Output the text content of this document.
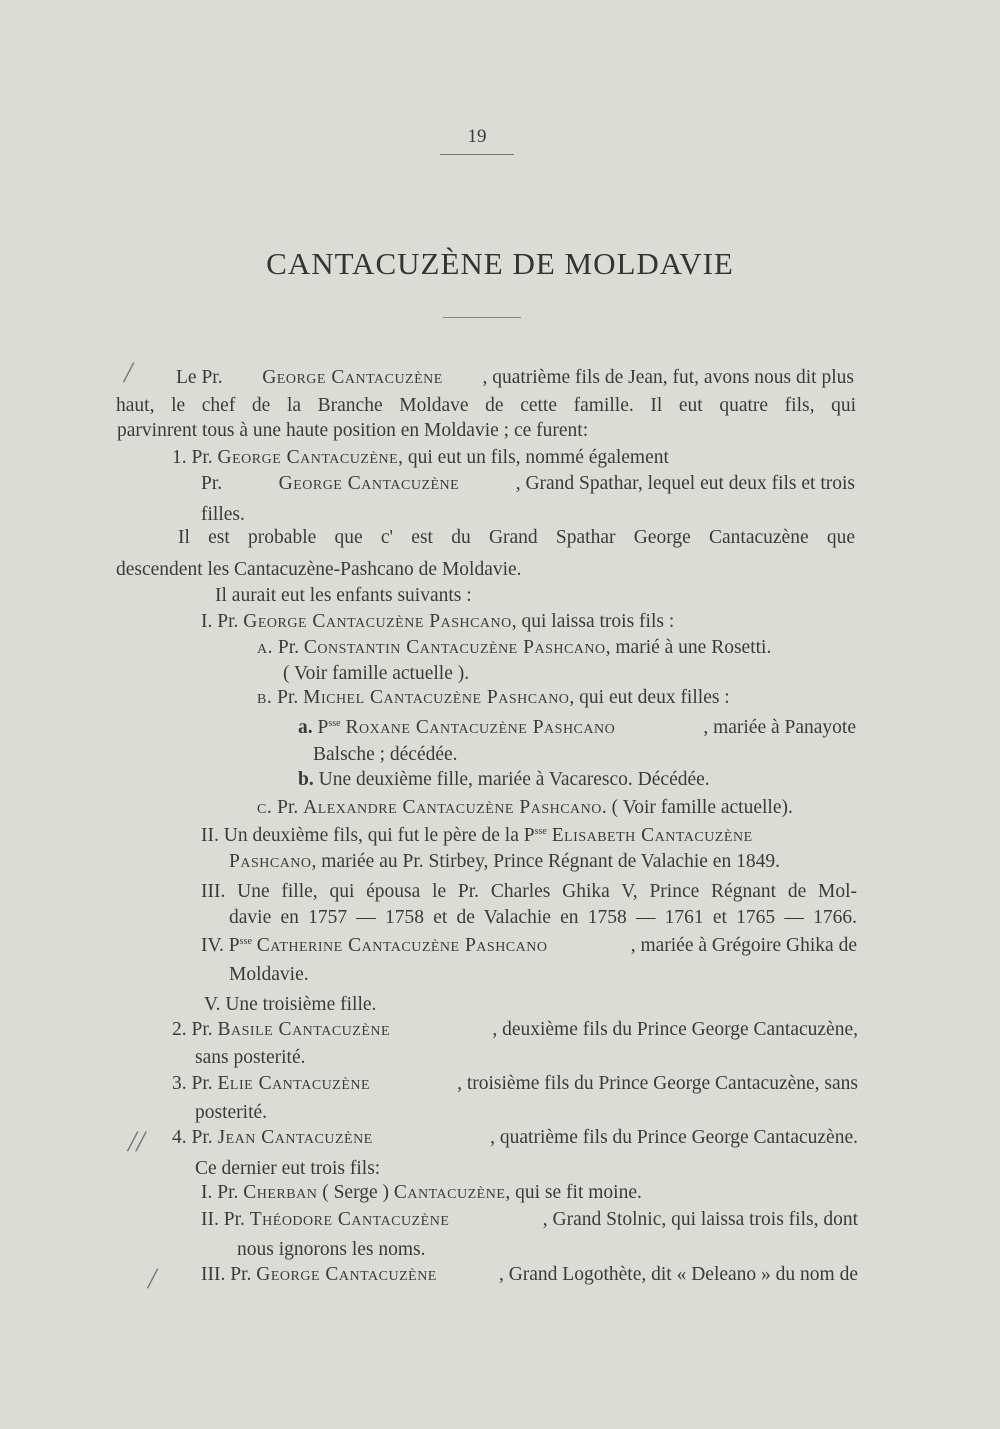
19
CANTACUZÈNE DE MOLDAVIE
/
//
/
Le Pr. George Cantacuzène , quatrième fils de Jean, fut, avons nous dit plus
haut, le chef de la Branche Moldave de cette famille. Il eut quatre fils, qui
parvinrent tous à une haute position en Moldavie ; ce furent:
1. Pr. George Cantacuzène, qui eut un fils, nommé également
Pr.	George Cantacuzène	, Grand Spathar, lequel eut deux fils et trois
filles.
Il est probable que c' est du Grand Spathar George Cantacuzène que
descendent les Cantacuzène-Pashcano de Moldavie.
Il aurait eut les enfants suivants :
I. Pr. George Cantacuzène Pashcano, qui laissa trois fils :
a. Pr. Constantin Cantacuzène Pashcano, marié à une Rosetti.
( Voir famille actuelle ).
b. Pr. Michel Cantacuzène Pashcano, qui eut deux filles :
a. $P^{sse}$ Roxane Cantacuzène Pashcano	, mariée à Panayote
Balsche ; décédée.
b. Une deuxième fille, mariée à Vacaresco. Décédée.
c. Pr. Alexandre Cantacuzène Pashcano. ( Voir famille actuelle).
II. Un deuxième fils, qui fut le père de la $P^{sse}$ Elisabeth Cantacuzène
Pashcano, mariée au Pr. Stirbey, Prince Régnant de Valachie en 1849.
III. Une fille, qui épousa le Pr. Charles Ghika V, Prince Régnant de Mol-
davie en 1757 — 1758 et de Valachie en 1758 — 1761 et 1765 — 1766.
IV. $P^{sse}$ Catherine Cantacuzène Pashcano	, mariée à Grégoire Ghika de
Moldavie.
V. Une troisième fille.
2. Pr. Basile Cantacuzène	, deuxième fils du Prince George Cantacuzène,
sans posterité.
3. Pr. Elie Cantacuzène	, troisième fils du Prince George Cantacuzène, sans
posterité.
4. Pr. Jean Cantacuzène	, quatrième fils du Prince George Cantacuzène.
Ce dernier eut trois fils:
I. Pr. Cherban ( Serge ) Cantacuzène, qui se fit moine.
II. Pr. Théodore Cantacuzène	, Grand Stolnic, qui laissa trois fils, dont
nous ignorons les noms.
III. Pr. George Cantacuzène	, Grand Logothète, dit « Deleano » du nom de
